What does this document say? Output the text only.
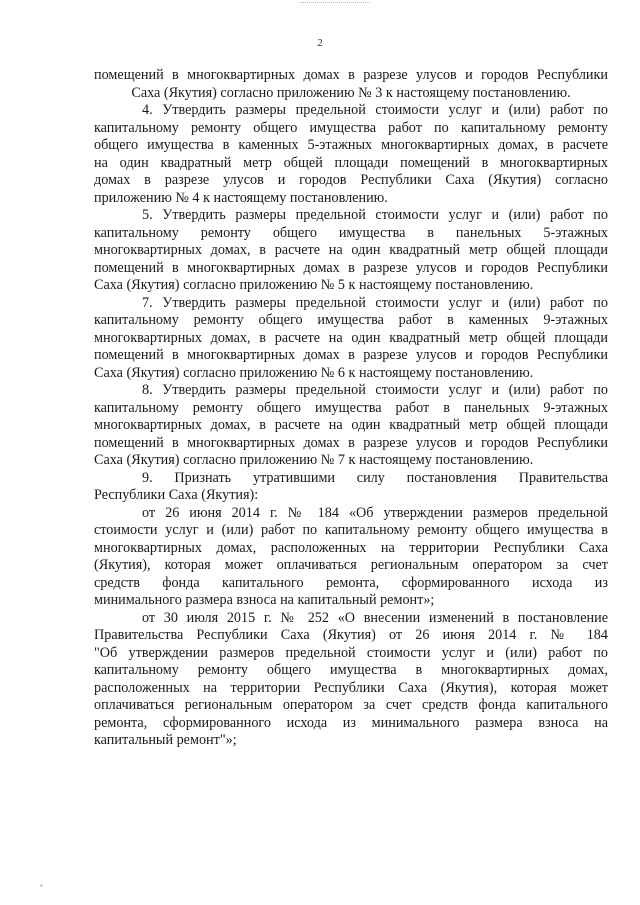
2
помещений в многоквартирных домах в разрезе улусов и городов Республики
Саха (Якутия) согласно приложению № 3 к настоящему постановлению.
4. Утвердить размеры предельной стоимости услуг и (или) работ по
капитальному ремонту общего имущества работ по капитальному ремонту
общего имущества в каменных 5-этажных многоквартирных домах, в расчете
на один квадратный метр общей площади помещений в многоквартирных
домах в разрезе улусов и городов Республики Саха (Якутия) согласно
приложению № 4 к настоящему постановлению.
5. Утвердить размеры предельной стоимости услуг и (или) работ по
капитальному ремонту общего имущества в панельных 5-этажных
многоквартирных домах, в расчете на один квадратный метр общей площади
помещений в многоквартирных домах в разрезе улусов и городов Республики
Саха (Якутия) согласно приложению № 5 к настоящему постановлению.
7. Утвердить размеры предельной стоимости услуг и (или) работ по
капитальному ремонту общего имущества работ в каменных 9-этажных
многоквартирных домах, в расчете на один квадратный метр общей площади
помещений в многоквартирных домах в разрезе улусов и городов Республики
Саха (Якутия) согласно приложению № 6 к настоящему постановлению.
8. Утвердить размеры предельной стоимости услуг и (или) работ по
капитальному ремонту общего имущества работ в панельных 9-этажных
многоквартирных домах, в расчете на один квадратный метр общей площади
помещений в многоквартирных домах в разрезе улусов и городов Республики
Саха (Якутия) согласно приложению № 7 к настоящему постановлению.
9. Признать утратившими силу постановления Правительства
Республики Саха (Якутия):
от 26 июня 2014 г. № 184 «Об утверждении размеров предельной
стоимости услуг и (или) работ по капитальному ремонту общего имущества в
многоквартирных домах, расположенных на территории Республики Саха
(Якутия), которая может оплачиваться региональным оператором за счет
средств фонда капитального ремонта, сформированного исхода из
минимального размера взноса на капитальный ремонт»;
от 30 июля 2015 г. № 252 «О внесении изменений в постановление
Правительства Республики Саха (Якутия) от 26 июня 2014 г. № 184
"Об утверждении размеров предельной стоимости услуг и (или) работ по
капитальному ремонту общего имущества в многоквартирных домах,
расположенных на территории Республики Саха (Якутия), которая может
оплачиваться региональным оператором за счет средств фонда капитального
ремонта, сформированного исхода из минимального размера взноса на
капитальный ремонт"»;
